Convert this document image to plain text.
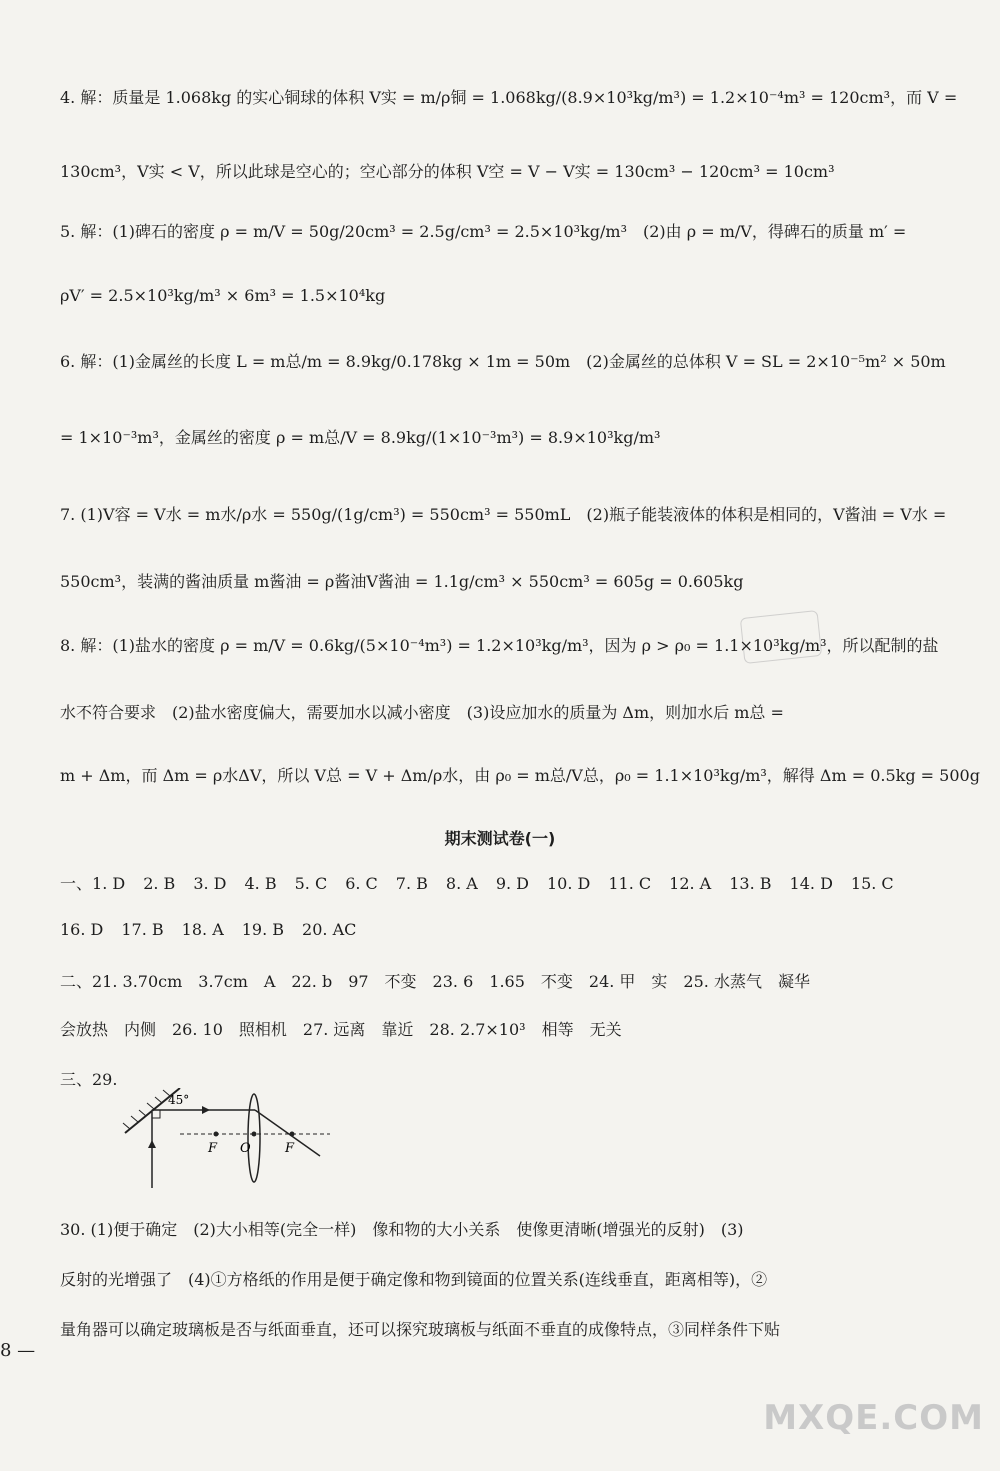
4. 解：质量是 1.068kg 的实心铜球的体积 V实 = m/ρ铜 = 1.068kg/(8.9×10³kg/m³) = 1.2×10⁻⁴m³ = 120cm³，而 V =
130cm³，V实 < V，所以此球是空心的；空心部分的体积 V空 = V − V实 = 130cm³ − 120cm³ = 10cm³
5. 解：(1)碑石的密度 ρ = m/V = 50g/20cm³ = 2.5g/cm³ = 2.5×10³kg/m³　(2)由 ρ = m/V，得碑石的质量 m′ =
ρV′ = 2.5×10³kg/m³ × 6m³ = 1.5×10⁴kg
6. 解：(1)金属丝的长度 L = m总/m = 8.9kg/0.178kg × 1m = 50m　(2)金属丝的总体积 V = SL = 2×10⁻⁵m² × 50m
= 1×10⁻³m³，金属丝的密度 ρ = m总/V = 8.9kg/(1×10⁻³m³) = 8.9×10³kg/m³
7. (1)V容 = V水 = m水/ρ水 = 550g/(1g/cm³) = 550cm³ = 550mL　(2)瓶子能装液体的体积是相同的，V酱油 = V水 =
550cm³，装满的酱油质量 m酱油 = ρ酱油V酱油 = 1.1g/cm³ × 550cm³ = 605g = 0.605kg
8. 解：(1)盐水的密度 ρ = m/V = 0.6kg/(5×10⁻⁴m³) = 1.2×10³kg/m³，因为 ρ > ρ₀ = 1.1×10³kg/m³，所以配制的盐
水不符合要求　(2)盐水密度偏大，需要加水以减小密度　(3)设应加水的质量为 Δm，则加水后 m总 =
m + Δm，而 Δm = ρ水ΔV，所以 V总 = V + Δm/ρ水，由 ρ₀ = m总/V总，ρ₀ = 1.1×10³kg/m³，解得 Δm = 0.5kg = 500g
期末测试卷(一)
一、1. D 2. B 3. D 4. B 5. C 6. C 7. B 8. A 9. D 10. D 11. C 12. A 13. B 14. D 15. C
16. D 17. B 18. A 19. B 20. AC
二、21. 3.70cm　3.7cm　A　22. b　97　不变　23. 6　1.65　不变　24. 甲　实　25. 水蒸气　凝华
会放热　内侧　26. 10　照相机　27. 远离　靠近　28. 2.7×10³　相等　无关
三、29.
45°
F O	F
30. (1)便于确定　(2)大小相等(完全一样)　像和物的大小关系　使像更清晰(增强光的反射)　(3)
反射的光增强了　(4)①方格纸的作用是便于确定像和物到镜面的位置关系(连线垂直，距离相等)，②
量角器可以确定玻璃板是否与纸面垂直，还可以探究玻璃板与纸面不垂直的成像特点，③同样条件下贴
8 —
MXQE.COM
